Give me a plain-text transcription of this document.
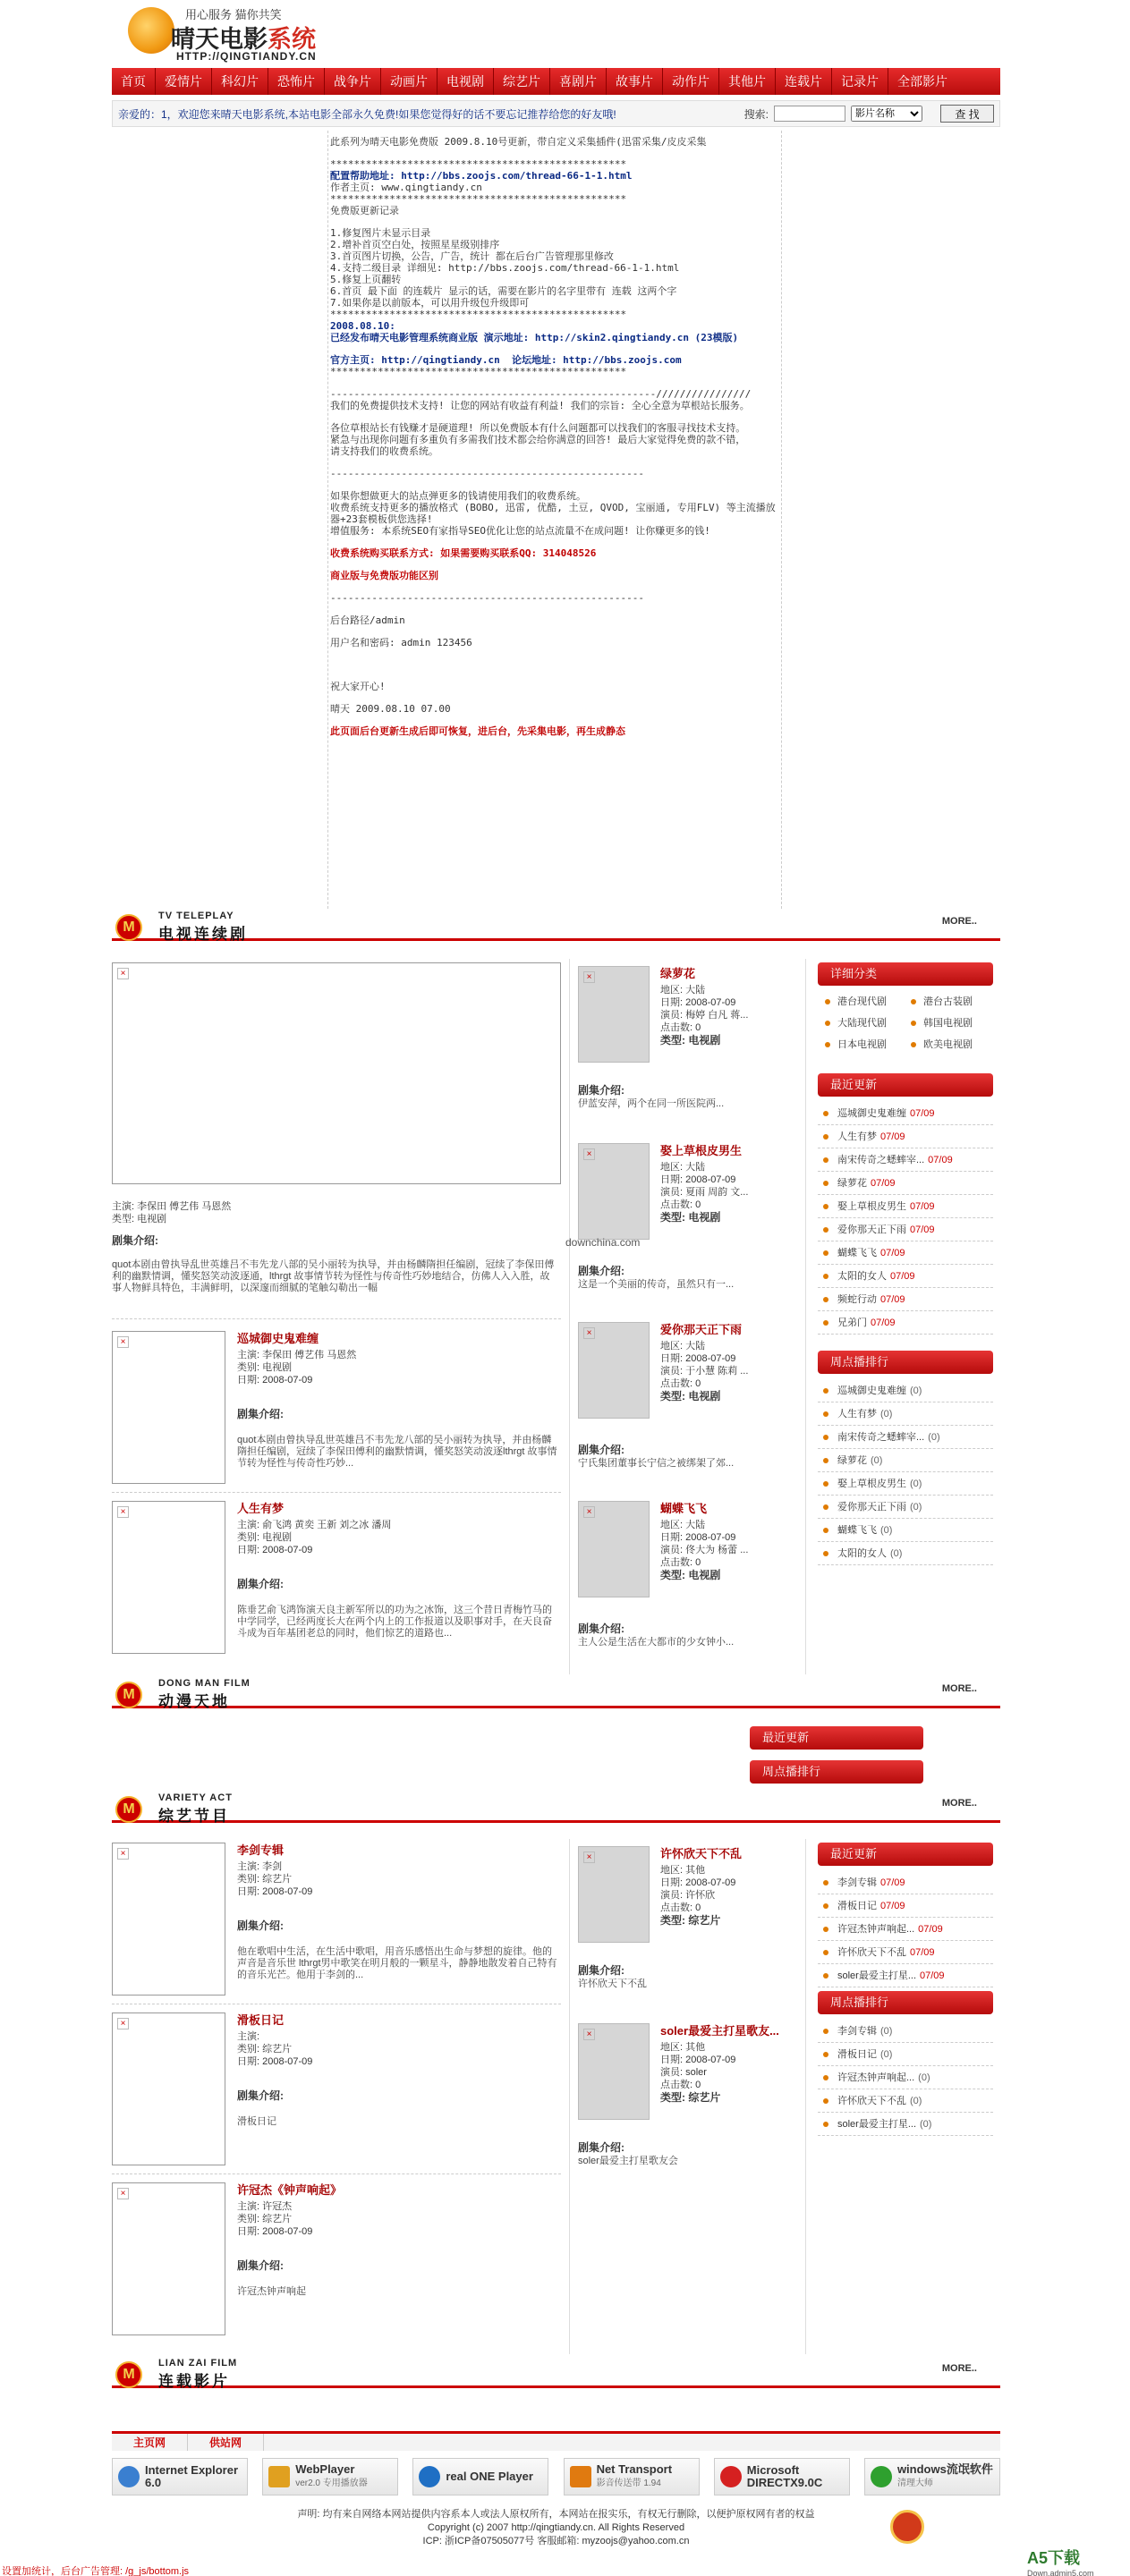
用心服务 猫你共笑
晴天电影系统
HTTP://QINGTIANDY.CN
首页	爱情片	科幻片	恐怖片	战争片	动画片	电视剧	综艺片	喜剧片	故事片	动作片	其他片	连载片	记录片	全部影片
亲爱的：1，欢迎您来晴天电影系统,本站电影全部永久免费!如果您觉得好的话不要忘记推荐给您的好友哦!	搜索:
影片名称	查 找

此系列为晴天电影免费版 2009.8.10号更新，带自定义采集插件(迅雷采集/皮皮采集

**************************************************

配置帮助地址: http://bbs.zoojs.com/thread-66-1-1.html

作者主页: www.qingtiandy.cn

**************************************************

免费版更新记录

1.修复图片未显示目录

2.增补首页空白处，按照星星级别排序

3.首页图片切换，公告，广告，统计 都在后台广告管理那里修改

4.支持二级目录 详细见: http://bbs.zoojs.com/thread-66-1-1.html

5.修复上页翻转

6.首页 最下面 的连载片 显示的话，需要在影片的名字里带有 连载 这两个字

7.如果你是以前版本，可以用升级包升级即可

**************************************************

2008.08.10:

已经发布晴天电影管理系统商业版 演示地址: http://skin2.qingtiandy.cn (23模版)

官方主页: http://qingtiandy.cn  论坛地址: http://bbs.zoojs.com

**************************************************

-------------------------------------------------------////////////////

我们的免费提供技术支持! 让您的网站有收益有利益! 我们的宗旨: 全心全意为草根站长服务。

各位草根站长有钱赚才是硬道理! 所以免费版本有什么问题都可以找我们的客服寻找技术支持。

紧急与出现你问题有多重负有多需我们技术都会给你满意的回答! 最后大家觉得免费的款不错，

请支持我们的收费系统。

-----------------------------------------------------

如果你想做更大的站点弹更多的钱请使用我们的收费系统。

收费系统支持更多的播放格式 (BOBO, 迅雷, 优酷, 土豆, QVOD, 宝丽通, 专用FLV) 等主流播放器+23套模板供您选择!

增值服务: 本系统SEO有家指导SEO优化让您的站点流量不在成问题! 让你赚更多的钱!

收费系统购买联系方式: 如果需要购买联系QQ: 314048526

商业版与免费版功能区别

-----------------------------------------------------

后台路径/admin

用户名和密码: admin 123456

祝大家开心!

晴天 2009.08.10 07.00

此页面后台更新生成后即可恢复，进后台，先采集电影，再生成静态

M
TV TELEPLAY
电视连续剧
MORE..
×
主演: 李保田 傅艺伟 马恩然
类型: 电视剧
剧集介绍:
quot本剧由曾执导乱世英雄吕不韦先龙八部的吴小丽转为执导，并由杨麟隋担任编剧，冠续了李保田傅利的幽默情调，懂奖怒笑动波逐通，lthrgt 故事情节转为怪性与传奇性巧妙地结合，仿佛人入入胜，故事人物鲜具特色，丰满鲜明，以深邃而细腻的笔触勾勒出一幅
×	巡城御史鬼难缠
主演: 李保田 傅艺伟 马恩然
类别: 电视剧
日期: 2008-07-09
剧集介绍:
quot本剧由曾执导乱世英雄吕不韦先龙八部的吴小丽转为执导，并由杨麟隋担任编剧，冠续了李保田傅利的幽默情调，懂奖怒笑动波逐lthrgt 故事情节转为怪性与传奇性巧妙...
×	人生有梦
主演: 俞飞鸿 黄奕 王新 刘之冰 潘周
类别: 电视剧
日期: 2008-07-09
剧集介绍:
陈垂艺俞飞鸿饰演天良主新军所以的功为之冰饰，这三个昔日青梅竹马的中学同学，已经两度长大在两个内上的工作报道以及职事对手，在天良奋斗成为百年基团老总的同时，他们惊艺的道路也...
×	绿萝花
地区: 大陆
日期: 2008-07-09
演员: 梅婷 白凡 蒋...
点击数: 0
类型: 电视剧
剧集介绍:
伊蓝安萍，两个在同一所医院两...
×	娶上草根皮男生
地区: 大陆
日期: 2008-07-09
演员: 夏雨 周韵 文...
点击数: 0
类型: 电视剧
剧集介绍:
这是一个美丽的传奇，虽然只有一...
downchina.com
×	爱你那天正下雨
地区: 大陆
日期: 2008-07-09
演员: 于小慧 陈莉 ...
点击数: 0
类型: 电视剧
剧集介绍:
宁氏集团董事长宁信之被绑架了郊...
×	蝴蝶飞飞
地区: 大陆
日期: 2008-07-09
演员: 佟大为 杨蕾 ...
点击数: 0
类型: 电视剧
剧集介绍:
主人公是生活在大都市的少女钟小...
详细分类
港台现代剧	港台古装剧
大陆现代剧	韩国电视剧
日本电视剧	欧美电视剧
最近更新
巡城御史鬼难缠 07/09
人生有梦 07/09
南宋传奇之蟋蟀宰... 07/09
绿萝花 07/09
娶上草根皮男生 07/09
爱你那天正下雨 07/09
蝴蝶飞飞 07/09
太阳的女人 07/09
频蛇行动 07/09
兄弟门 07/09
周点播排行
巡城御史鬼难缠 (0)
人生有梦 (0)
南宋传奇之蟋蟀宰... (0)
绿萝花 (0)
娶上草根皮男生 (0)
爱你那天正下雨 (0)
蝴蝶飞飞 (0)
太阳的女人 (0)
M
DONG MAN FILM
动漫天地
MORE..
最近更新
周点播排行
M
VARIETY ACT
综艺节目
MORE..
×	李剑专辑
主演: 李剑
类别: 综艺片
日期: 2008-07-09
剧集介绍:
他在歌唱中生活，在生活中歌唱，用音乐感悟出生命与梦想的旋律。他的声音是音乐世 lthrgt男中歌笑在明月般的一颗星斗，静静地散发着自己特有的音乐光芒。他用于李剑的...
×	滑板日记
主演:
类别: 综艺片
日期: 2008-07-09
剧集介绍:
滑板日记
×	许冠杰《钟声响起》
主演: 许冠杰
类别: 综艺片
日期: 2008-07-09
剧集介绍:
许冠杰钟声响起
×	许怀欣天下不乱
地区: 其他
日期: 2008-07-09
演员: 许怀欣
点击数: 0
类型: 综艺片
剧集介绍:
许怀欣天下不乱
×	soler最爱主打星歌友...
地区: 其他
日期: 2008-07-09
演员: soler
点击数: 0
类型: 综艺片
剧集介绍:
soler最爱主打星歌友会
最近更新
李剑专辑 07/09
滑板日记 07/09
许冠杰钟声响起... 07/09
许怀欣天下不乱 07/09
soler最爱主打星... 07/09
周点播排行
李剑专辑 (0)
滑板日记 (0)
许冠杰钟声响起... (0)
许怀欣天下不乱 (0)
soler最爱主打星... (0)
M
LIAN ZAI FILM
连载影片
MORE..
主页网	供站网
Internet Explorer 6.0

WebPlayer
ver2.0 专用播放器
real ONE Player

Net Transport
影音传送带 1.94
Microsoft DIRECTX9.0C

windows流氓软件
清理大师
声明: 均有来自网络本网站提供内容系本人或法人原权所有，本网站在报实乐，有权无行删除，以便护原权网有者的权益
Copyright (c) 2007 http://qingtiandy.cn. All Rights Reserved
ICP: 浙ICP备07505077号 客服邮箱: myzoojs@yahoo.com.cn
设置加统计，后台广告管理: /g_js/bottom.js
A5下载
Down.admin5.com
